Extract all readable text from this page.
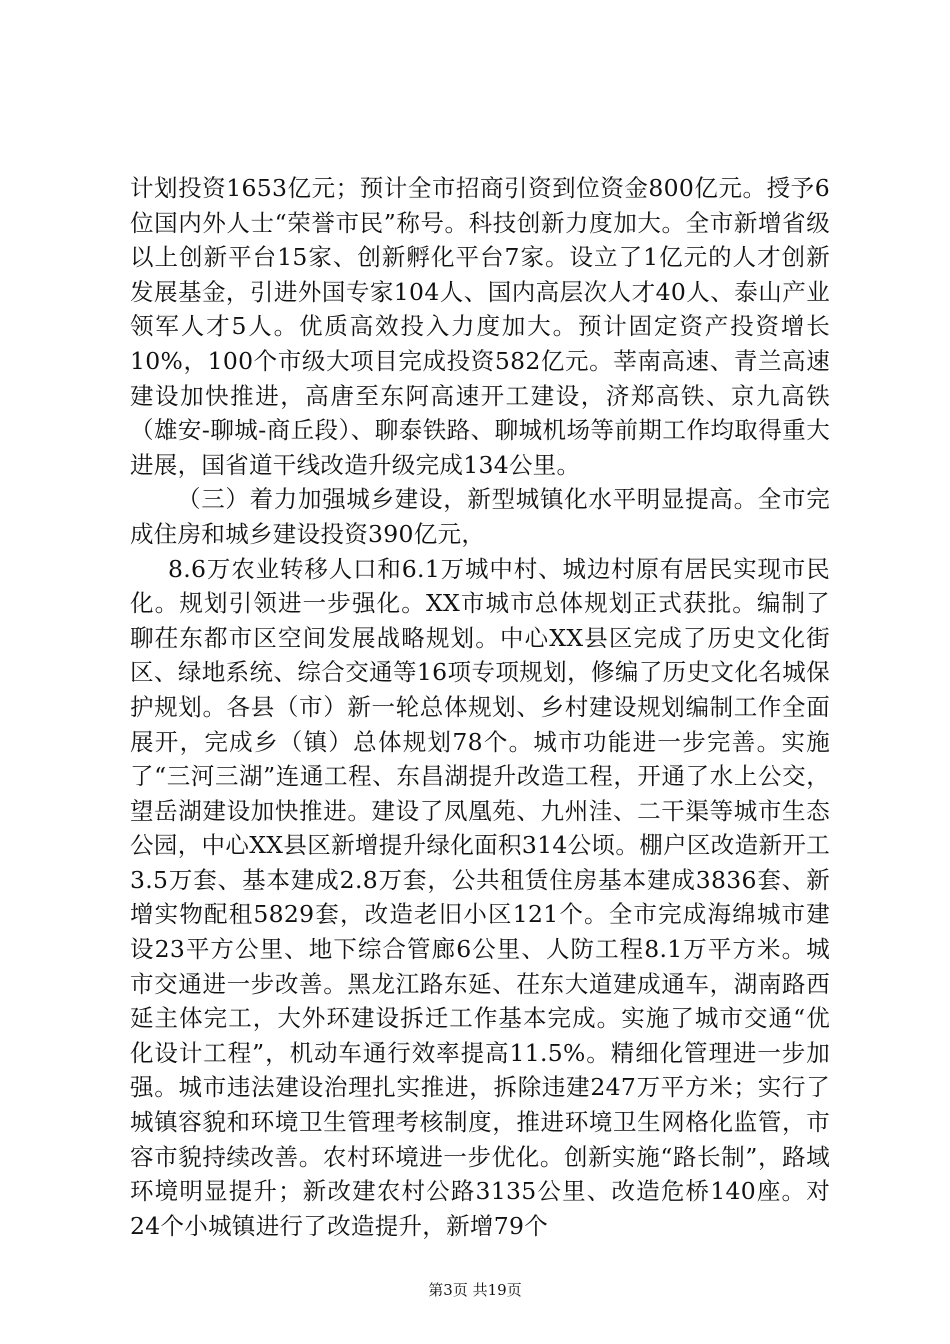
计划投资1653亿元；预计全市招商引资到位资金800亿元。授予6位国内外人士“荣誉市民”称号。科技创新力度加大。全市新增省级以上创新平台15家、创新孵化平台7家。设立了1亿元的人才创新发展基金，引进外国专家104人、国内高层次人才40人、泰山产业领军人才5人。优质高效投入力度加大。预计固定资产投资增长10%，100个市级大项目完成投资582亿元。莘南高速、青兰高速建设加快推进，高唐至东阿高速开工建设，济郑高铁、京九高铁（雄安-聊城-商丘段）、聊泰铁路、聊城机场等前期工作均取得重大进展，国省道干线改造升级完成134公里。

（三）着力加强城乡建设，新型城镇化水平明显提高。全市完成住房和城乡建设投资390亿元，

8.6万农业转移人口和6.1万城中村、城边村原有居民实现市民化。规划引领进一步强化。XX市城市总体规划正式获批。编制了聊茌东都市区空间发展战略规划。中心XX县区完成了历史文化街区、绿地系统、综合交通等16项专项规划，修编了历史文化名城保护规划。各县（市）新一轮总体规划、乡村建设规划编制工作全面展开，完成乡（镇）总体规划78个。城市功能进一步完善。实施了“三河三湖”连通工程、东昌湖提升改造工程，开通了水上公交，望岳湖建设加快推进。建设了凤凰苑、九州洼、二干渠等城市生态公园，中心XX县区新增提升绿化面积314公顷。棚户区改造新开工3.5万套、基本建成2.8万套，公共租赁住房基本建成3836套、新增实物配租5829套，改造老旧小区121个。全市完成海绵城市建设23平方公里、地下综合管廊6公里、人防工程8.1万平方米。城市交通进一步改善。黑龙江路东延、茌东大道建成通车，湖南路西延主体完工，大外环建设拆迁工作基本完成。实施了城市交通“优化设计工程”，机动车通行效率提高11.5%。精细化管理进一步加强。城市违法建设治理扎实推进，拆除违建247万平方米；实行了城镇容貌和环境卫生管理考核制度，推进环境卫生网格化监管，市容市貌持续改善。农村环境进一步优化。创新实施“路长制”，路域环境明显提升；新改建农村公路3135公里、改造危桥140座。对24个小城镇进行了改造提升，新增79个

第3页 共19页
